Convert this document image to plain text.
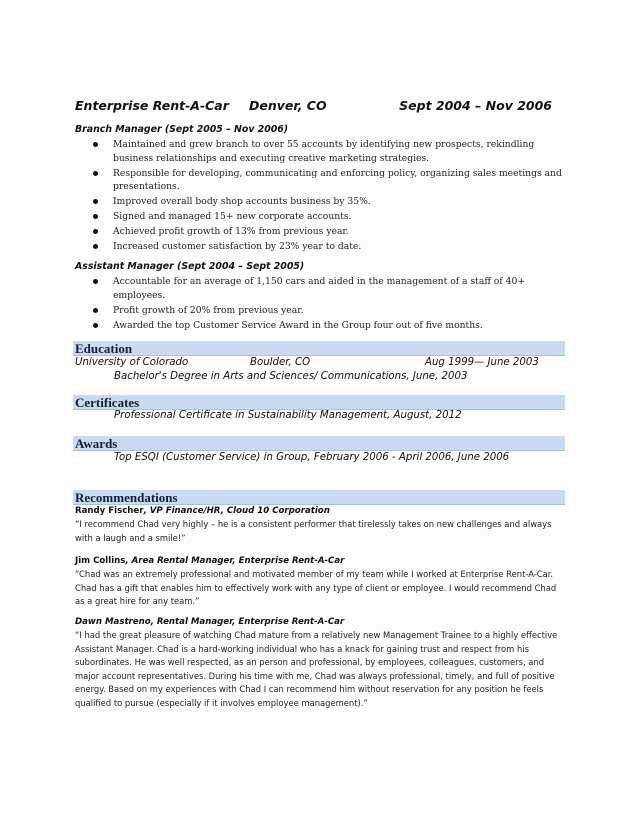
Enterprise Rent-A-Car Denver, CO	Sept 2004 – Nov 2006
Branch Manager (Sept 2005 – Nov 2006)
Maintained and grew branch to over 55 accounts by identifying new prospects, rekindling business relationships and executing creative marketing strategies.
Responsible for developing, communicating and enforcing policy, organizing sales meetings and presentations.
Improved overall body shop accounts business by 35%.
Signed and managed 15+ new corporate accounts.
Achieved profit growth of 13% from previous year.
Increased customer satisfaction by 23% year to date.
Assistant Manager (Sept 2004 – Sept 2005)
Accountable for an average of 1,150 cars and aided in the management of a staff of 40+ employees.
Profit growth of 20% from previous year.
Awarded the top Customer Service Award in the Group four out of five months.
Education
University of Colorado	Boulder, CO	Aug 1999— June 2003
Bachelor's Degree in Arts and Sciences/ Communications, June, 2003
Certificates
Professional Certificate in Sustainability Management, August, 2012
Awards
Top ESQI (Customer Service) in Group, February 2006 - April 2006, June 2006
Recommendations
Randy Fischer, VP Finance/HR, Cloud 10 Corporation
“I recommend Chad very highly – he is a consistent performer that tirelessly takes on new challenges and always with a laugh and a smile!”
Jim Collins, Area Rental Manager, Enterprise Rent-A-Car
“Chad was an extremely professional and motivated member of my team while I worked at Enterprise Rent-A-Car. Chad has a gift that enables him to effectively work with any type of client or employee. I would recommend Chad as a great hire for any team.”
Dawn Mastreno, Rental Manager, Enterprise Rent-A-Car
“I had the great pleasure of watching Chad mature from a relatively new Management Trainee to a highly effective Assistant Manager. Chad is a hard-working individual who has a knack for gaining trust and respect from his subordinates. He was well respected, as an person and professional, by employees, colleagues, customers, and major account representatives. During his time with me, Chad was always professional, timely, and full of positive energy. Based on my experiences with Chad I can recommend him without reservation for any position he feels qualified to pursue (especially if it involves employee management).”
